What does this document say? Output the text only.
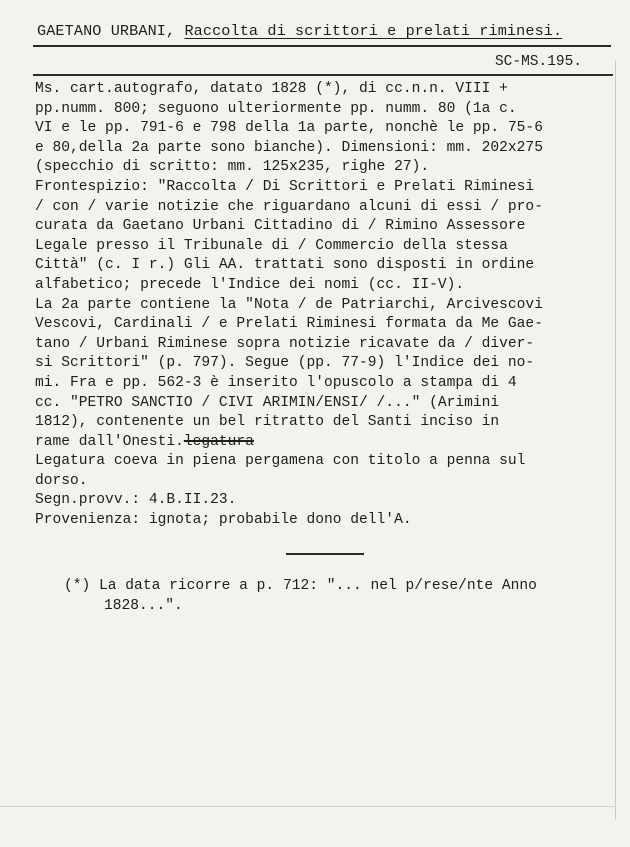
GAETANO URBANI, Raccolta di scrittori e prelati riminesi.
SC-MS.195.
Ms. cart.autografo, datato 1828 (*), di cc.n.n. VIII +
pp.numm. 800; seguono ulteriormente pp. numm. 80 (1a c.
VI e le pp. 791-6 e 798 della 1a parte, nonchè le pp. 75-6
e 80,della 2a parte sono bianche). Dimensioni: mm. 202x275
(specchio di scritto: mm. 125x235, righe 27).
Frontespizio: "Raccolta / Di Scrittori e Prelati Riminesi
/ con / varie notizie che riguardano alcuni di essi / pro-
curata da Gaetano Urbani Cittadino di / Rimino Assessore
Legale presso il Tribunale di / Commercio della stessa
Città" (c. I r.) Gli AA. trattati sono disposti in ordine
alfabetico; precede l'Indice dei nomi (cc. II-V).
La 2a parte contiene la "Nota / de Patriarchi, Arcivescovi
Vescovi, Cardinali / e Prelati Riminesi formata da Me Gae-
tano / Urbani Riminese sopra notizie ricavate da / diver-
si Scrittori" (p. 797). Segue (pp. 77-9) l'Indice dei no-
mi. Fra e pp. 562-3 è inserito l'opuscolo a stampa di 4
cc. "PETRO SANCTIO / CIVI ARIMIN/ENSI/ /..." (Arimini
1812), contenente un bel ritratto del Santi inciso in
rame dall'Onesti.legatura
Legatura coeva in piena pergamena con titolo a penna sul
dorso.
Segn.provv.: 4.B.II.23.
Provenienza: ignota; probabile dono dell'A.
(*) La data ricorre a p. 712: "... nel p/rese/nte Anno
1828...".
